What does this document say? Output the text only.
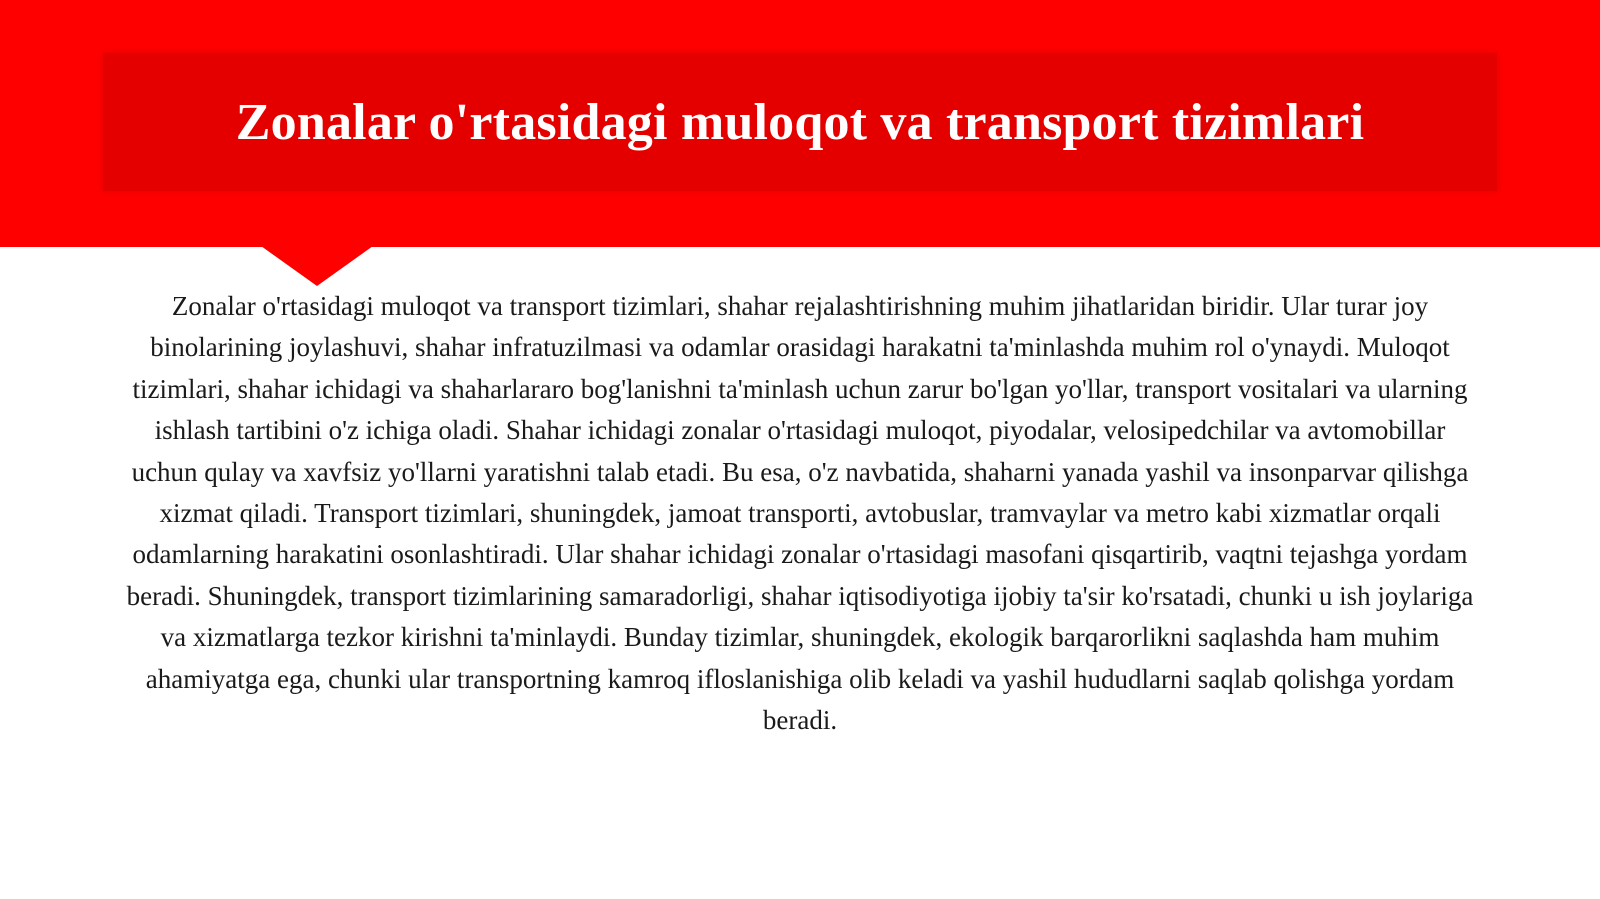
Zonalar o'rtasidagi muloqot va transport tizimlari

Zonalar o'rtasidagi muloqot va transport tizimlari, shahar rejalashtirishning muhim jihatlaridan biridir. Ular turar joy binolarining joylashuvi, shahar infratuzilmasi va odamlar orasidagi harakatni ta'minlashda muhim rol o'ynaydi. Muloqot tizimlari, shahar ichidagi va shaharlararo bog'lanishni ta'minlash uchun zarur bo'lgan yo'llar, transport vositalari va ularning ishlash tartibini o'z ichiga oladi. Shahar ichidagi zonalar o'rtasidagi muloqot, piyodalar, velosipedchilar va avtomobillar uchun qulay va xavfsiz yo'llarni yaratishni talab etadi. Bu esa, o'z navbatida, shaharni yanada yashil va insonparvar qilishga xizmat qiladi. Transport tizimlari, shuningdek, jamoat transporti, avtobuslar, tramvaylar va metro kabi xizmatlar orqali odamlarning harakatini osonlashtiradi. Ular shahar ichidagi zonalar o'rtasidagi masofani qisqartirib, vaqtni tejashga yordam beradi. Shuningdek, transport tizimlarining samaradorligi, shahar iqtisodiyotiga ijobiy ta'sir ko'rsatadi, chunki u ish joylariga va xizmatlarga tezkor kirishni ta'minlaydi. Bunday tizimlar, shuningdek, ekologik barqarorlikni saqlashda ham muhim ahamiyatga ega, chunki ular transportning kamroq ifloslanishiga olib keladi va yashil hududlarni saqlab qolishga yordam beradi.
